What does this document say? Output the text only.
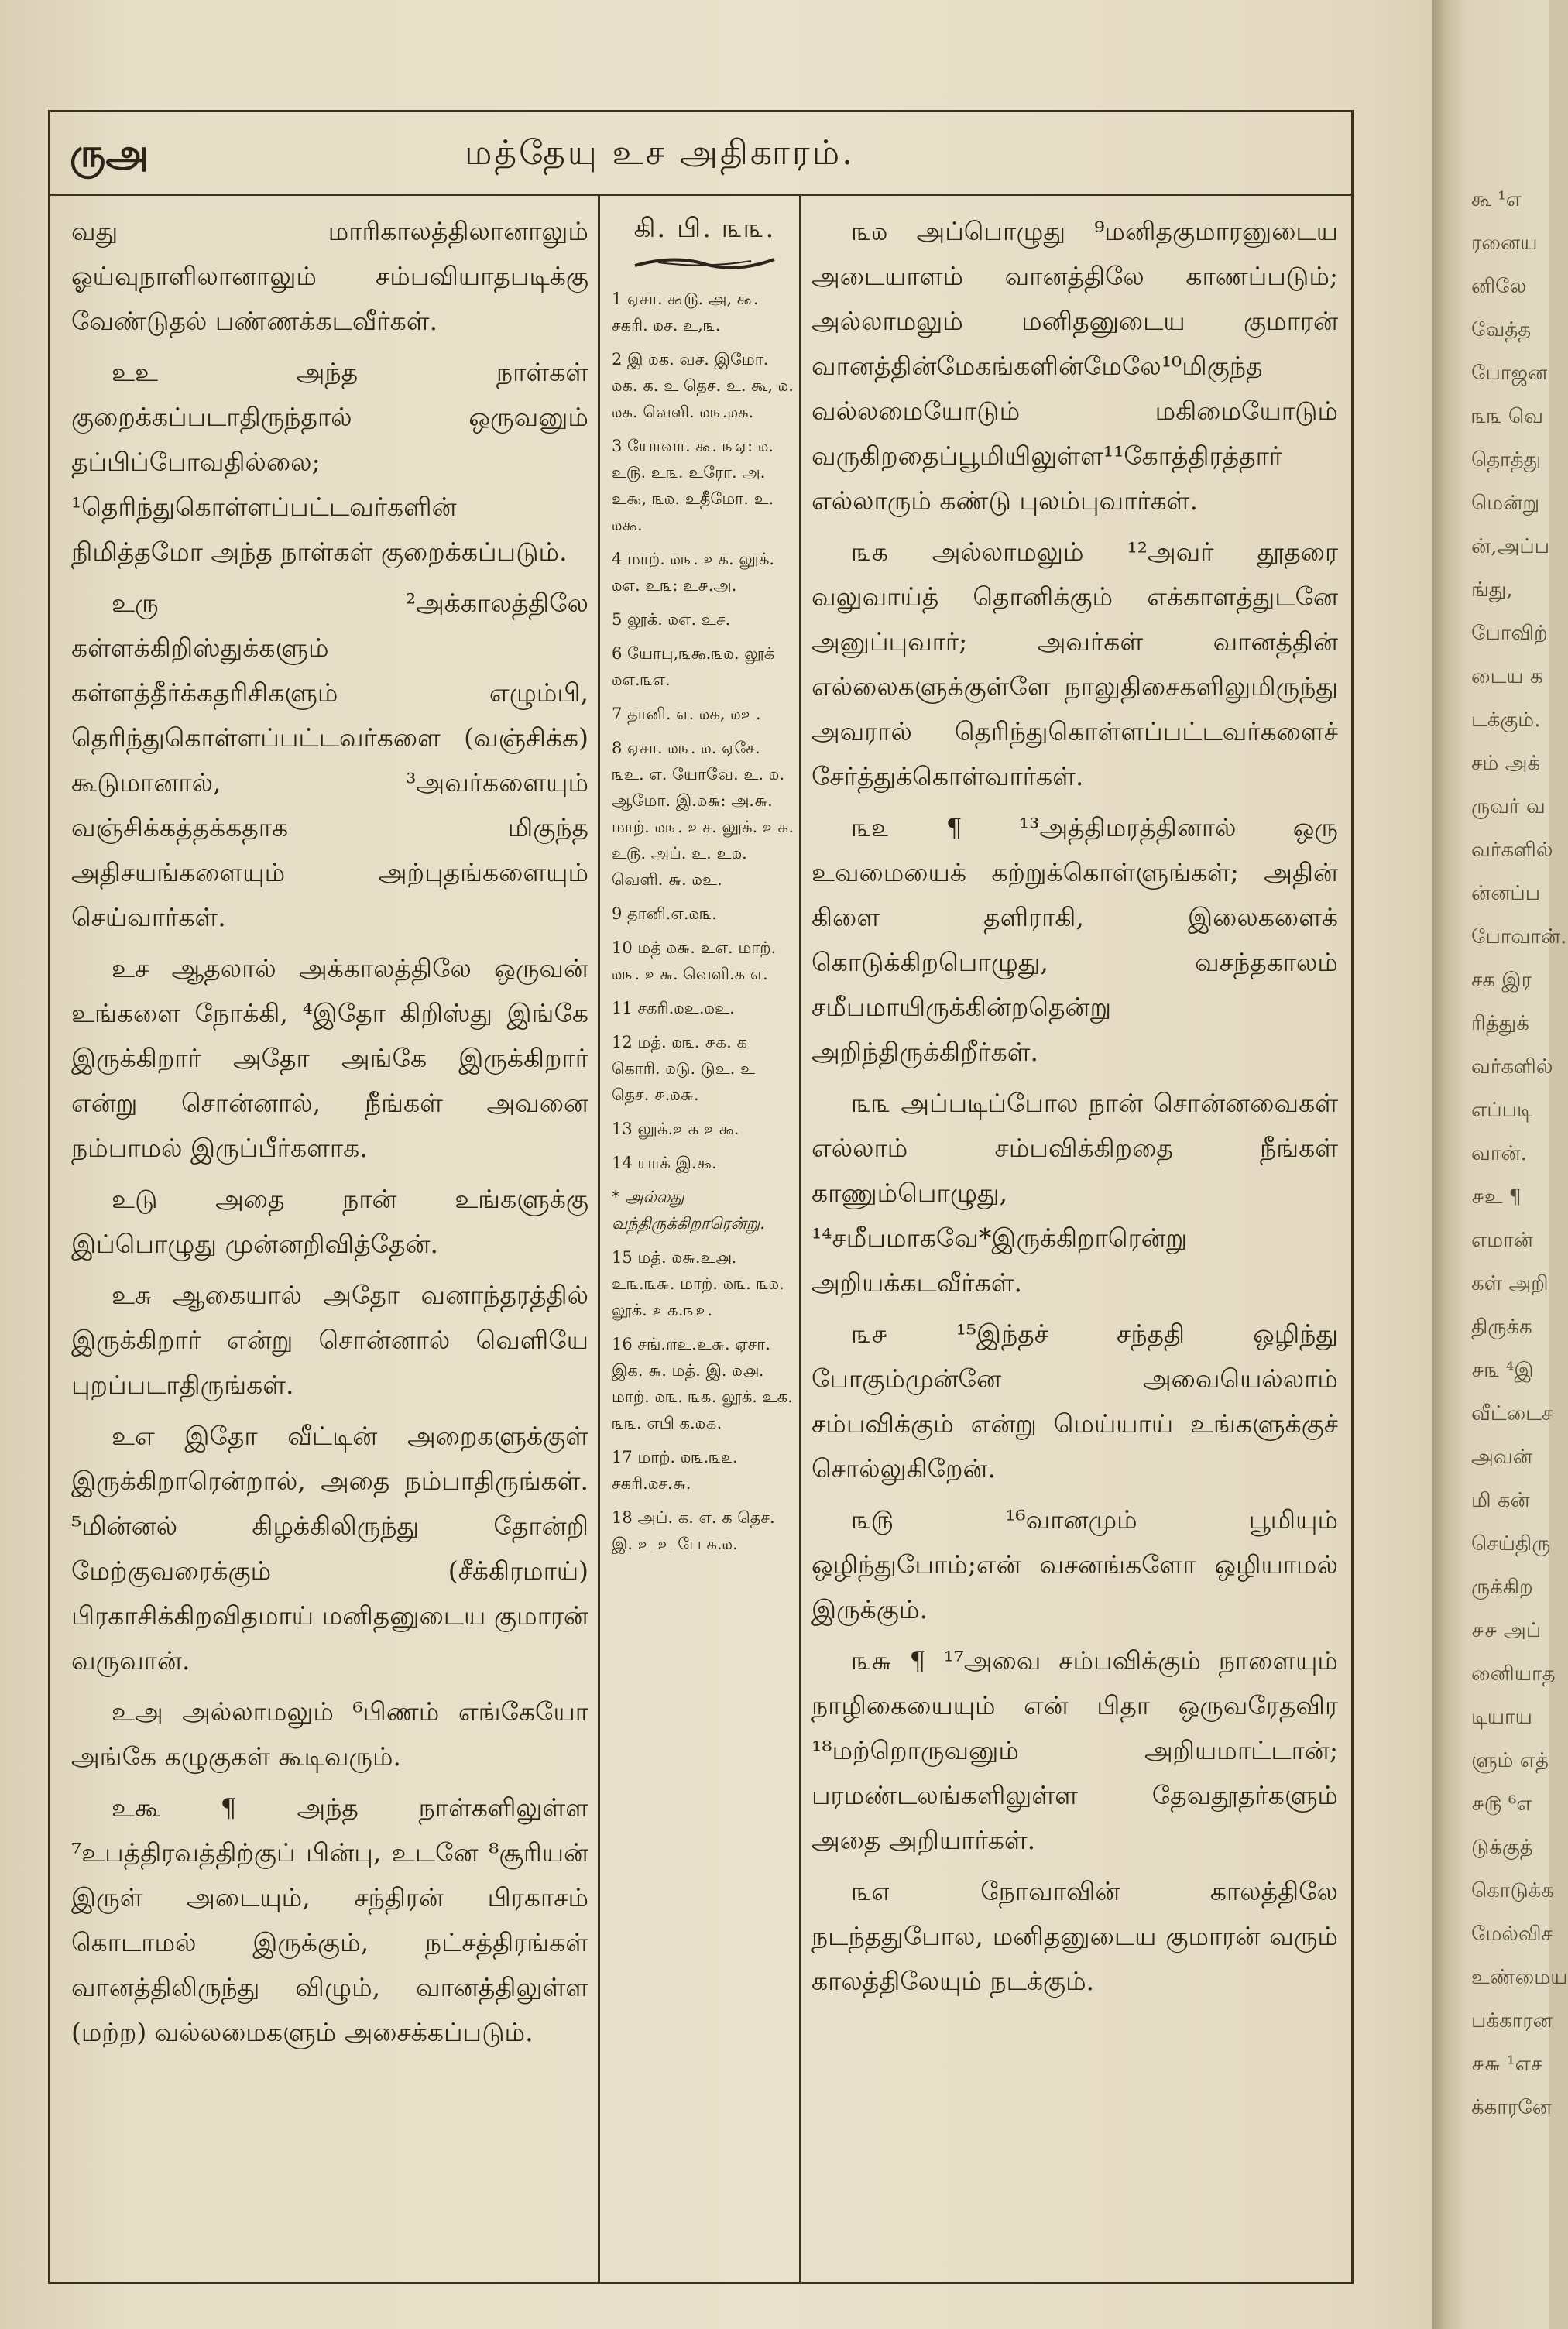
ருஅ	மத்தேயு உச அதிகாரம்.

வது மாரிகாலத்திலானாலும் ஓய்வுநாளிலானாலும் சம்பவியாதபடிக்கு வேண்டுதல் பண்ணக்கடவீர்கள்.

உஉ அந்த நாள்கள் குறைக்கப்படாதிருந்தால் ஒருவனும் தப்பிப்போவதில்லை; ¹தெரிந்துகொள்ளப்பட்டவர்களின் நிமித்தமோ அந்த நாள்கள் குறைக்கப்படும்.

உரு ²அக்காலத்திலே கள்ளக்கிறிஸ்துக்களும் கள்ளத்தீர்க்கதரிசிகளும் எழும்பி, தெரிந்துகொள்ளப்பட்டவர்களை (வஞ்சிக்க) கூடுமானால், ³அவர்களையும் வஞ்சிக்கத்தக்கதாக மிகுந்த அதிசயங்களையும் அற்புதங்களையும் செய்வார்கள்.

உச ஆதலால் அக்காலத்திலே ஒருவன் உங்களை நோக்கி, ⁴இதோ கிறிஸ்து இங்கே இருக்கிறார் அதோ அங்கே இருக்கிறார் என்று சொன்னால், நீங்கள் அவனை நம்பாமல் இருப்பீர்களாக.

உடு அதை நான் உங்களுக்கு இப்பொழுது முன்னறிவித்தேன்.

உசு ஆகையால் அதோ வனாந்தரத்தில் இருக்கிறார் என்று சொன்னால் வெளியே புறப்படாதிருங்கள்.

உஎ இதோ வீட்டின் அறைகளுக்குள் இருக்கிறாரென்றால், அதை நம்பாதிருங்கள். ⁵மின்னல் கிழக்கிலிருந்து தோன்றி மேற்குவரைக்கும் (சீக்கிரமாய்) பிரகாசிக்கிறவிதமாய் மனிதனுடைய குமாரன் வருவான்.

உஅ அல்லாமலும் ⁶பிணம் எங்கேயோ அங்கே கழுகுகள் கூடிவரும்.

உகூ ¶ அந்த நாள்களிலுள்ள ⁷உபத்திரவத்திற்குப் பின்பு, உடனே ⁸சூரியன் இருள் அடையும், சந்திரன் பிரகாசம் கொடாமல் இருக்கும், நட்சத்திரங்கள் வானத்திலிருந்து விழும், வானத்திலுள்ள (மற்ற) வல்லமைகளும் அசைக்கப்படும்.

கி. பி. ௩௩.
1 ஏசா. கூ௫. அ, கூ. சகரி. ௰ச. உ,௩.
2 இ ௰க. வச. இமோ. ௰க. க. உ தெச. உ. கூ, ௰. ௰க. வெளி. ௰௩.௰க.
3 யோவா. கூ. ௩ஏ: ௰. உ௫. உ௩. உரோ. அ. உ௯, ௩௰. உதீமோ. உ. ௰௯.
4 மாற். ௰௩. உக. லூக். ௰எ. உ௩: உ௪.அ.
5 லூக். ௰எ. உச.
6 யோபு,௩௯.௩௰. லூக் ௰எ.௩எ.
7 தானி. எ. ௰க, ௰உ.
8 ஏசா. ௰௩. ௰. ஏசே. ௩உ. எ. யோவே. உ. ௰. ஆமோ. இ.௰௬: அ.௬. மாற். ௰௩. உச. லூக். உ௧. உ௫. அப். உ. உ௰. வெளி. ௬. ௰உ.
9 தானி.எ.௰௩.
10 மத் ௰௬. உஎ. மாற். ௰௩. உ௬. வெளி.க எ.
11 சகரி.௰உ.௰உ.
12 மத். ௰௩. ௪௧. க கொரி. ௰டு. டுஉ. உ தெச. ௪.௰௬.
13 லூக்.உ௧ உ௯.
14 யாக் இ.௯.
* அல்லது வந்திருக்கிறாரென்று.
15 மத். ௰௬.உ௮. உ௩.௩௬. மாற். ௰௩. ௩௰. லூக். உ௧.௩௨.
16 சங்.௱உ.உ௬. ஏசா. இக. ௬. மத். இ. ௰௮. மாற். ௰௩. ௩௧. லூக். உக. ௩௩. எபி க.௰௧.
17 மாற். ௰௩.௩௨. சகரி.௰ச.௬.
18 அப். க. எ. க தெச. இ. உ உ பே க.௰.

௩௰ அப்பொழுது ⁹மனிதகுமாரனுடைய அடையாளம் வானத்திலே காணப்படும்; அல்லாமலும் மனிதனுடைய குமாரன் வானத்தின்மேகங்களின்மேலே¹⁰மிகுந்த வல்லமையோடும் மகிமையோடும் வருகிறதைப்பூமியிலுள்ள¹¹கோத்திரத்தார் எல்லாரும் கண்டு புலம்புவார்கள்.

௩௧ அல்லாமலும் ¹²அவர் தூதரை வலுவாய்த் தொனிக்கும் எக்காளத்துடனே அனுப்புவார்; அவர்கள் வானத்தின் எல்லைகளுக்குள்ளே நாலுதிசைகளிலுமிருந்து அவரால் தெரிந்துகொள்ளப்பட்டவர்களைச் சேர்த்துக்கொள்வார்கள்.

௩௨ ¶ ¹³அத்திமரத்தினால் ஒரு உவமையைக் கற்றுக்கொள்ளுங்கள்; அதின் கிளை தளிராகி, இலைகளைக் கொடுக்கிறபொழுது, வசந்தகாலம் சமீபமாயிருக்கின்றதென்று அறிந்திருக்கிறீர்கள்.

௩௩ அப்படிப்போல நான் சொன்னவைகள் எல்லாம் சம்பவிக்கிறதை நீங்கள் காணும்பொழுது, ¹⁴சமீபமாகவே*இருக்கிறாரென்று அறியக்கடவீர்கள்.

௩௪ ¹⁵இந்தச் சந்ததி ஒழிந்து போகும்முன்னே அவையெல்லாம் சம்பவிக்கும் என்று மெய்யாய் உங்களுக்குச் சொல்லுகிறேன்.

௩௫ ¹⁶வானமும் பூமியும் ஒழிந்துபோம்;என் வசனங்களோ ஒழியாமல் இருக்கும்.

௩௬ ¶ ¹⁷அவை சம்பவிக்கும் நாளையும் நாழிகையையும் என் பிதா ஒருவரேதவிர ¹⁸மற்றொருவனும் அறியமாட்டான்; பரமண்டலங்களிலுள்ள தேவதூதர்களும் அதை அறியார்கள்.

௩௭ நோவாவின் காலத்திலே நடந்ததுபோல, மனிதனுடைய குமாரன் வரும் காலத்திலேயும் நடக்கும்.

கூ ¹எ
ரனைய
னிலே
வேத்த
போஜன
௩௩ வெ
தொத்து
மென்று
ன்,அப்ப
ங்து,
போவிற்
டைய க
டக்கும்.
சம் அக்
ருவர் வ
வர்களில்
ன்னப்ப
போவான்.
சக இர
ரித்துக்
வர்களில்
எப்படி
வான்.
௪உ ¶
எமான்
கள் அறி
திருக்க
௪௩ ⁴இ
வீட்டைச
அவன்
மி கன்
செய்திரு
ருக்கிற
௪௪ அப்
னைியாத
டியாய
ளும் எத்
௪௫ ⁶எ
டுக்குத்
கொடுக்க
மேல்விச
உண்மைய
பக்காரன
௪௬ ¹எச
க்காரனே
